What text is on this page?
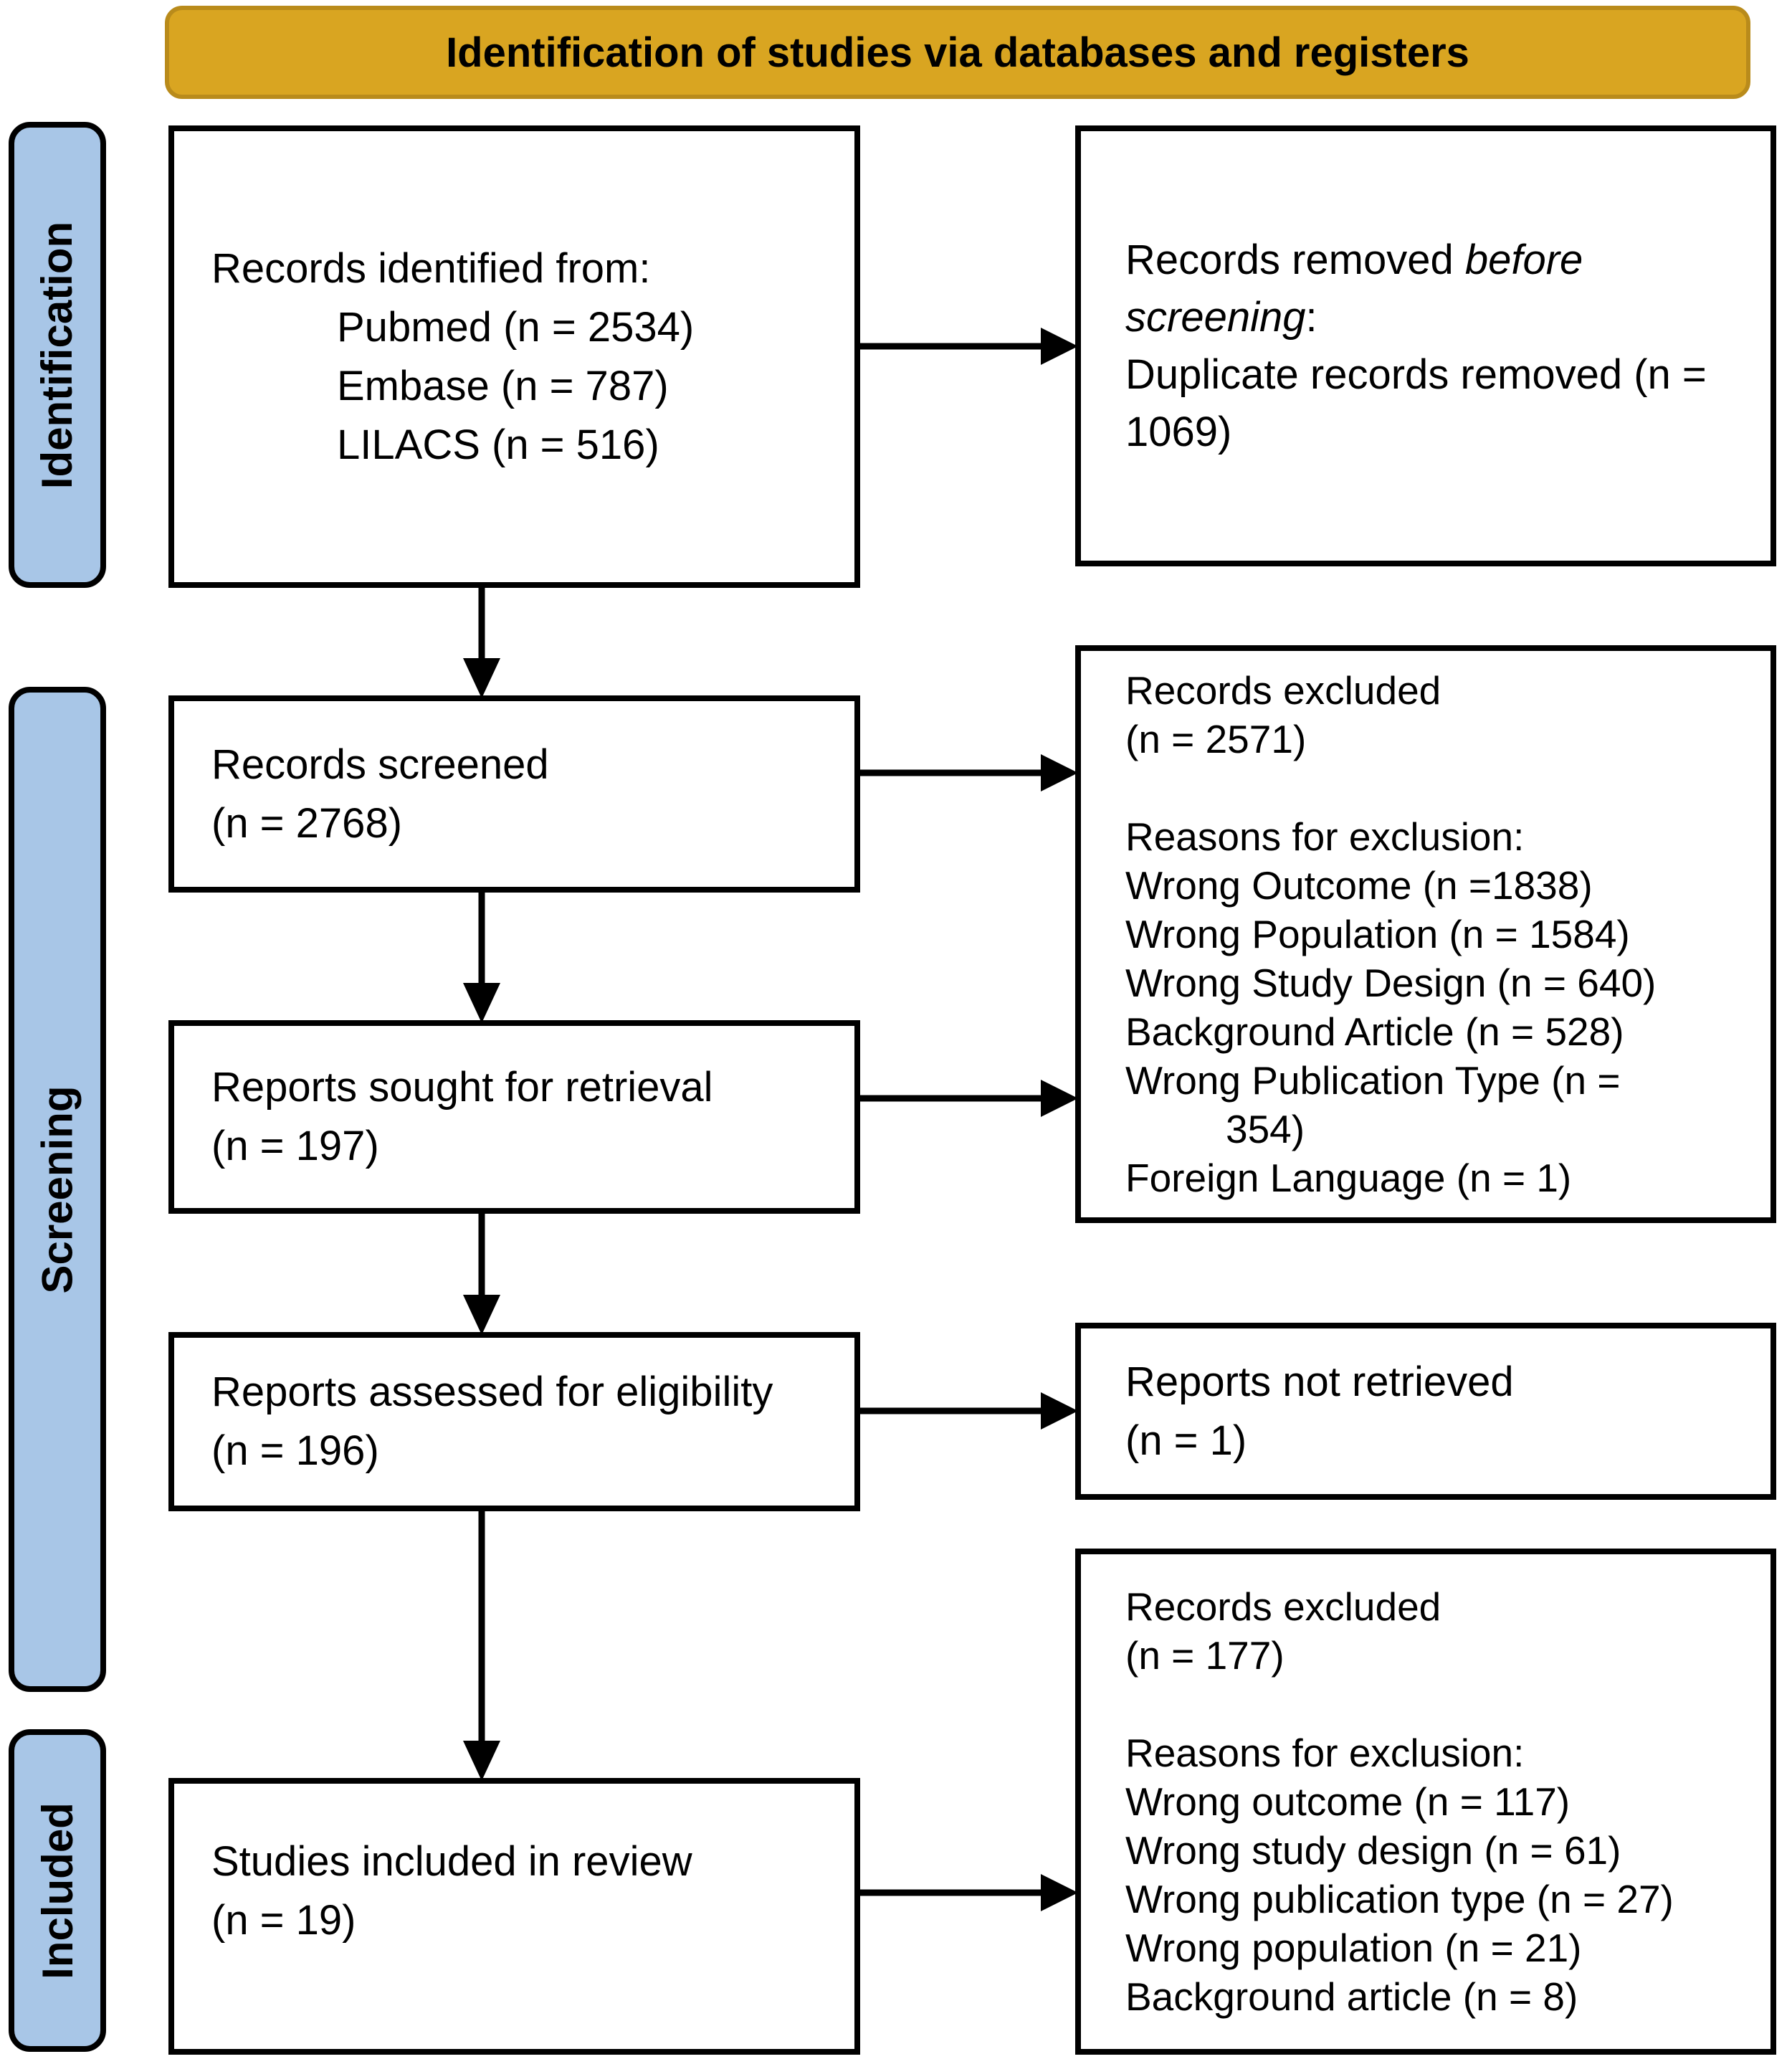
Identification of studies via databases and registers
Identification
Screening
Included
Records identified from:
Pubmed (n = 2534)
Embase (n = 787)
LILACS (n = 516)
Records screened
(n = 2768)
Reports sought for retrieval
(n = 197)
Reports assessed for eligibility
(n = 196)
Studies included in review
(n = 19)
Records removed before
screening:
Duplicate records removed (n =
1069)
Records excluded
(n = 2571)

Reasons for exclusion:
Wrong Outcome (n =1838)
Wrong Population (n = 1584)
Wrong Study Design (n = 640)
Background Article (n = 528)
Wrong Publication Type (n =
354)
Foreign Language (n = 1)
Reports not retrieved
(n = 1)
Records excluded
(n = 177)

Reasons for exclusion:
Wrong outcome (n = 117)
Wrong study design (n = 61)
Wrong publication type (n = 27)
Wrong population (n = 21)
Background article (n = 8)
